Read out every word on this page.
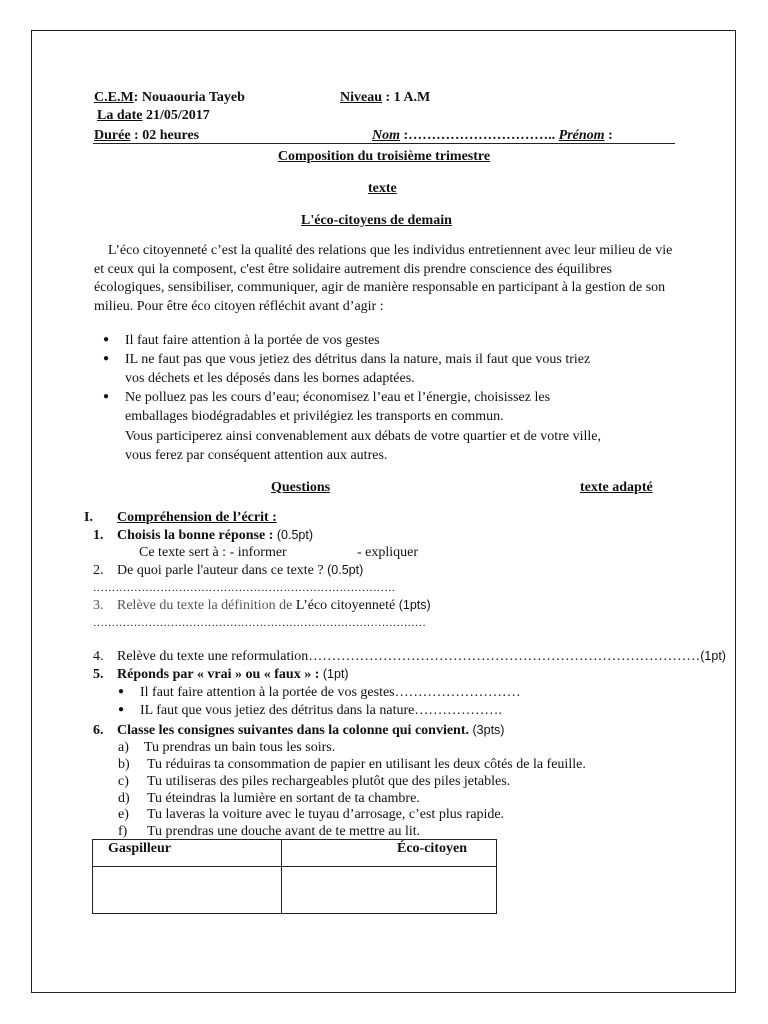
C.E.M: Nouaouria Tayeb	Niveau : 1 A.M
La date 21/05/2017
Durée : 02 heures	Nom :………………………….. Prénom :
Composition du troisième trimestre
texte
L'éco-citoyens de demain
L’éco citoyenneté c’est la qualité des relations que les individus entretiennent avec leur milieu de vie et ceux qui la composent, c'est être solidaire autrement dis prendre conscience des équilibres écologiques, sensibiliser, communiquer, agir de manière responsable en participant à la gestion de son milieu. Pour être éco citoyen réfléchit avant d’agir :
● Il faut faire attention à la portée de vos gestes
● IL ne faut pas que vous jetiez des détritus dans la nature, mais il faut que vous triez
vos déchets et les déposés dans les bornes adaptées.
● Ne polluez pas les cours d’eau; économisez l’eau et l’énergie, choisissez les
emballages biodégradables et privilégiez les transports en commun.
Vous participerez ainsi convenablement aux débats de votre quartier et de votre ville,
vous ferez par conséquent attention aux autres.
Questions	texte adapté
I. Compréhension de l’écrit :
1. Choisis la bonne réponse : (0.5pt)
Ce texte sert à : - informer	- expliquer
2. De quoi parle l'auteur dans ce texte ? (0.5pt)
………………………………………………………………………
3. Relève du texte la définition de L’éco citoyenneté (1pts)
………………………………………………………………………………
4. Relève du texte une reformulation…………………………………………………………………………(1pt)
5. Réponds par « vrai » ou « faux » : (1pt)
● Il faut faire attention à la portée de vos gestes………………………
● IL faut que vous jetiez des détritus dans la nature……………….
6. Classe les consignes suivantes dans la colonne qui convient. (3pts)
a) Tu prendras un bain tous les soirs.
b) Tu réduiras ta consommation de papier en utilisant les deux côtés de la feuille.
c) Tu utiliseras des piles rechargeables plutôt que des piles jetables.
d) Tu éteindras la lumière en sortant de ta chambre.
e) Tu laveras la voiture avec le tuyau d’arrosage, c’est plus rapide.
f) Tu prendras une douche avant de te mettre au lit.
Gaspilleur	Éco-citoyen
